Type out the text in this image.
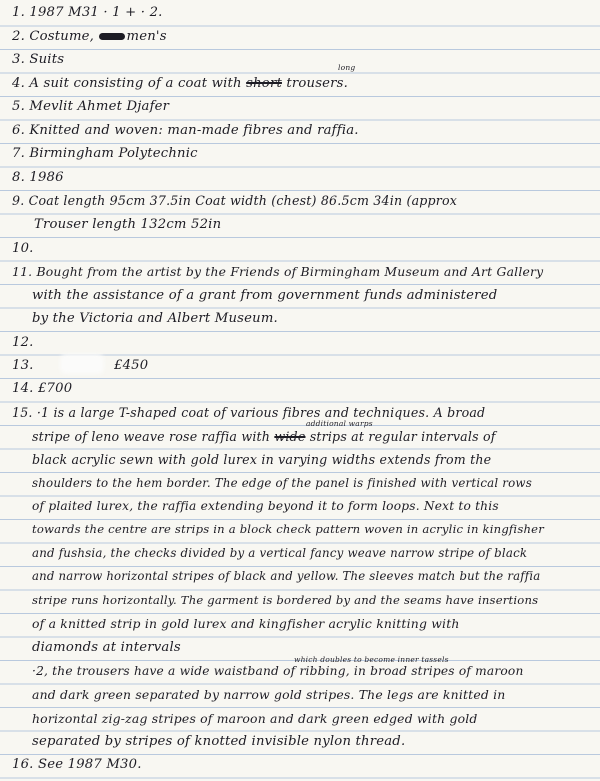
1. 1987 M31 · 1 + · 2.
2. Costume, men's
3. Suits
long
4. A suit consisting of a coat with short trousers.
5. Mevlit Ahmet Djafer
6. Knitted and woven: man-made fibres and raffia.
7. Birmingham Polytechnic
8. 1986
9. Coat length 95cm 37.5in Coat width (chest) 86.5cm 34in (approx
Trouser length 132cm 52in
10.
11. Bought from the artist by the Friends of Birmingham Museum and Art Gallery
with the assistance of a grant from government funds administered
by the Victoria and Albert Museum.
12.
13.	£450
14. £700
15. ·1 is a large T-shaped coat of various fibres and techniques. A broad
additional warps
stripe of leno weave rose raffia with wide strips at regular intervals of
black acrylic sewn with gold lurex in varying widths extends from the
shoulders to the hem border. The edge of the panel is finished with vertical rows
of plaited lurex, the raffia extending beyond it to form loops. Next to this
towards the centre are strips in a block check pattern woven in acrylic in kingfisher
and fushsia, the checks divided by a vertical fancy weave narrow stripe of black
and narrow horizontal stripes of black and yellow. The sleeves match but the raffia
stripe runs horizontally. The garment is bordered by and the seams have insertions
of a knitted strip in gold lurex and kingfisher acrylic knitting with
diamonds at intervals
which doubles to become inner tassels
·2, the trousers have a wide waistband of ribbing, in broad stripes of maroon
and dark green separated by narrow gold stripes. The legs are knitted in
horizontal zig-zag stripes of maroon and dark green edged with gold
separated by stripes of knotted invisible nylon thread.
16. See 1987 M30.
